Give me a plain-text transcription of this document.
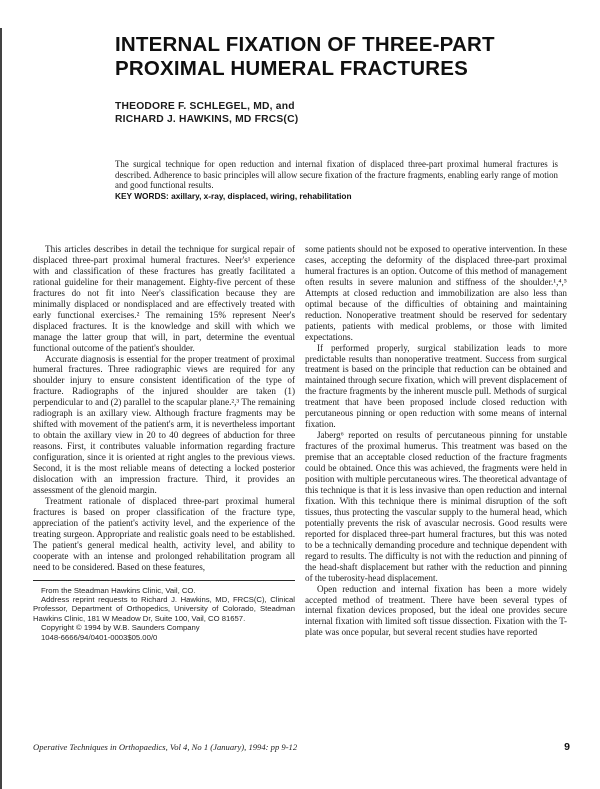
INTERNAL FIXATION OF THREE-PART
PROXIMAL HUMERAL FRACTURES
THEODORE F. SCHLEGEL, MD, and
RICHARD J. HAWKINS, MD FRCS(C)
The surgical technique for open reduction and internal fixation of displaced three-part proximal humeral fractures is described. Adherence to basic principles will allow secure fixation of the fracture fragments, enabling early range of motion and good functional results.
KEY WORDS: axillary, x-ray, displaced, wiring, rehabilitation

This articles describes in detail the technique for surgical repair of displaced three-part proximal humeral fractures. Neer's¹ experience with and classification of these fractures has greatly facilitated a rational guideline for their management. Eighty-five percent of these fractures do not fit into Neer's classification because they are minimally displaced or nondisplaced and are effectively treated with early functional exercises.² The remaining 15% represent Neer's displaced fractures. It is the knowledge and skill with which we manage the latter group that will, in part, determine the eventual functional outcome of the patient's shoulder.

Accurate diagnosis is essential for the proper treatment of proximal humeral fractures. Three radiographic views are required for any shoulder injury to ensure consistent identification of the type of fracture. Radiographs of the injured shoulder are taken (1) perpendicular to and (2) parallel to the scapular plane.²,³ The remaining radiograph is an axillary view. Although fracture fragments may be shifted with movement of the patient's arm, it is nevertheless important to obtain the axillary view in 20 to 40 degrees of abduction for three reasons. First, it contributes valuable information regarding fracture configuration, since it is oriented at right angles to the previous views. Second, it is the most reliable means of detecting a locked posterior dislocation with an impression fracture. Third, it provides an assessment of the glenoid margin.

Treatment rationale of displaced three-part proximal humeral fractures is based on proper classification of the fracture type, appreciation of the patient's activity level, and the experience of the treating surgeon. Appropriate and realistic goals need to be established. The patient's general medical health, activity level, and ability to cooperate with an intense and prolonged rehabilitation program all need to be considered. Based on these features,

From the Steadman Hawkins Clinic, Vail, CO.

Address reprint requests to Richard J. Hawkins, MD, FRCS(C), Clinical Professor, Department of Orthopedics, University of Colorado, Steadman Hawkins Clinic, 181 W Meadow Dr, Suite 100, Vail, CO 81657.

Copyright © 1994 by W.B. Saunders Company

1048-6666/94/0401-0003$05.00/0

some patients should not be exposed to operative intervention. In these cases, accepting the deformity of the displaced three-part proximal humeral fractures is an option. Outcome of this method of management often results in severe malunion and stiffness of the shoulder.¹,⁴,⁵ Attempts at closed reduction and immobilization are also less than optimal because of the difficulties of obtaining and maintaining reduction. Nonoperative treatment should be reserved for sedentary patients, patients with medical problems, or those with limited expectations.

If performed properly, surgical stabilization leads to more predictable results than nonoperative treatment. Success from surgical treatment is based on the principle that reduction can be obtained and maintained through secure fixation, which will prevent displacement of the fracture fragments by the inherent muscle pull. Methods of surgical treatment that have been proposed include closed reduction with percutaneous pinning or open reduction with some means of internal fixation.

Jaberg⁶ reported on results of percutaneous pinning for unstable fractures of the proximal humerus. This treatment was based on the premise that an acceptable closed reduction of the fracture fragments could be obtained. Once this was achieved, the fragments were held in position with multiple percutaneous wires. The theoretical advantage of this technique is that it is less invasive than open reduction and internal fixation. With this technique there is minimal disruption of the soft tissues, thus protecting the vascular supply to the humeral head, which potentially prevents the risk of avascular necrosis. Good results were reported for displaced three-part humeral fractures, but this was noted to be a technically demanding procedure and technique dependent with regard to results. The difficulty is not with the reduction and pinning of the head-shaft displacement but rather with the reduction and pinning of the tuberosity-head displacement.

Open reduction and internal fixation has been a more widely accepted method of treatment. There have been several types of internal fixation devices proposed, but the ideal one provides secure internal fixation with limited soft tissue dissection. Fixation with the T-plate was once popular, but several recent studies have reported

Operative Techniques in Orthopaedics, Vol 4, No 1 (January), 1994: pp 9-12	9
